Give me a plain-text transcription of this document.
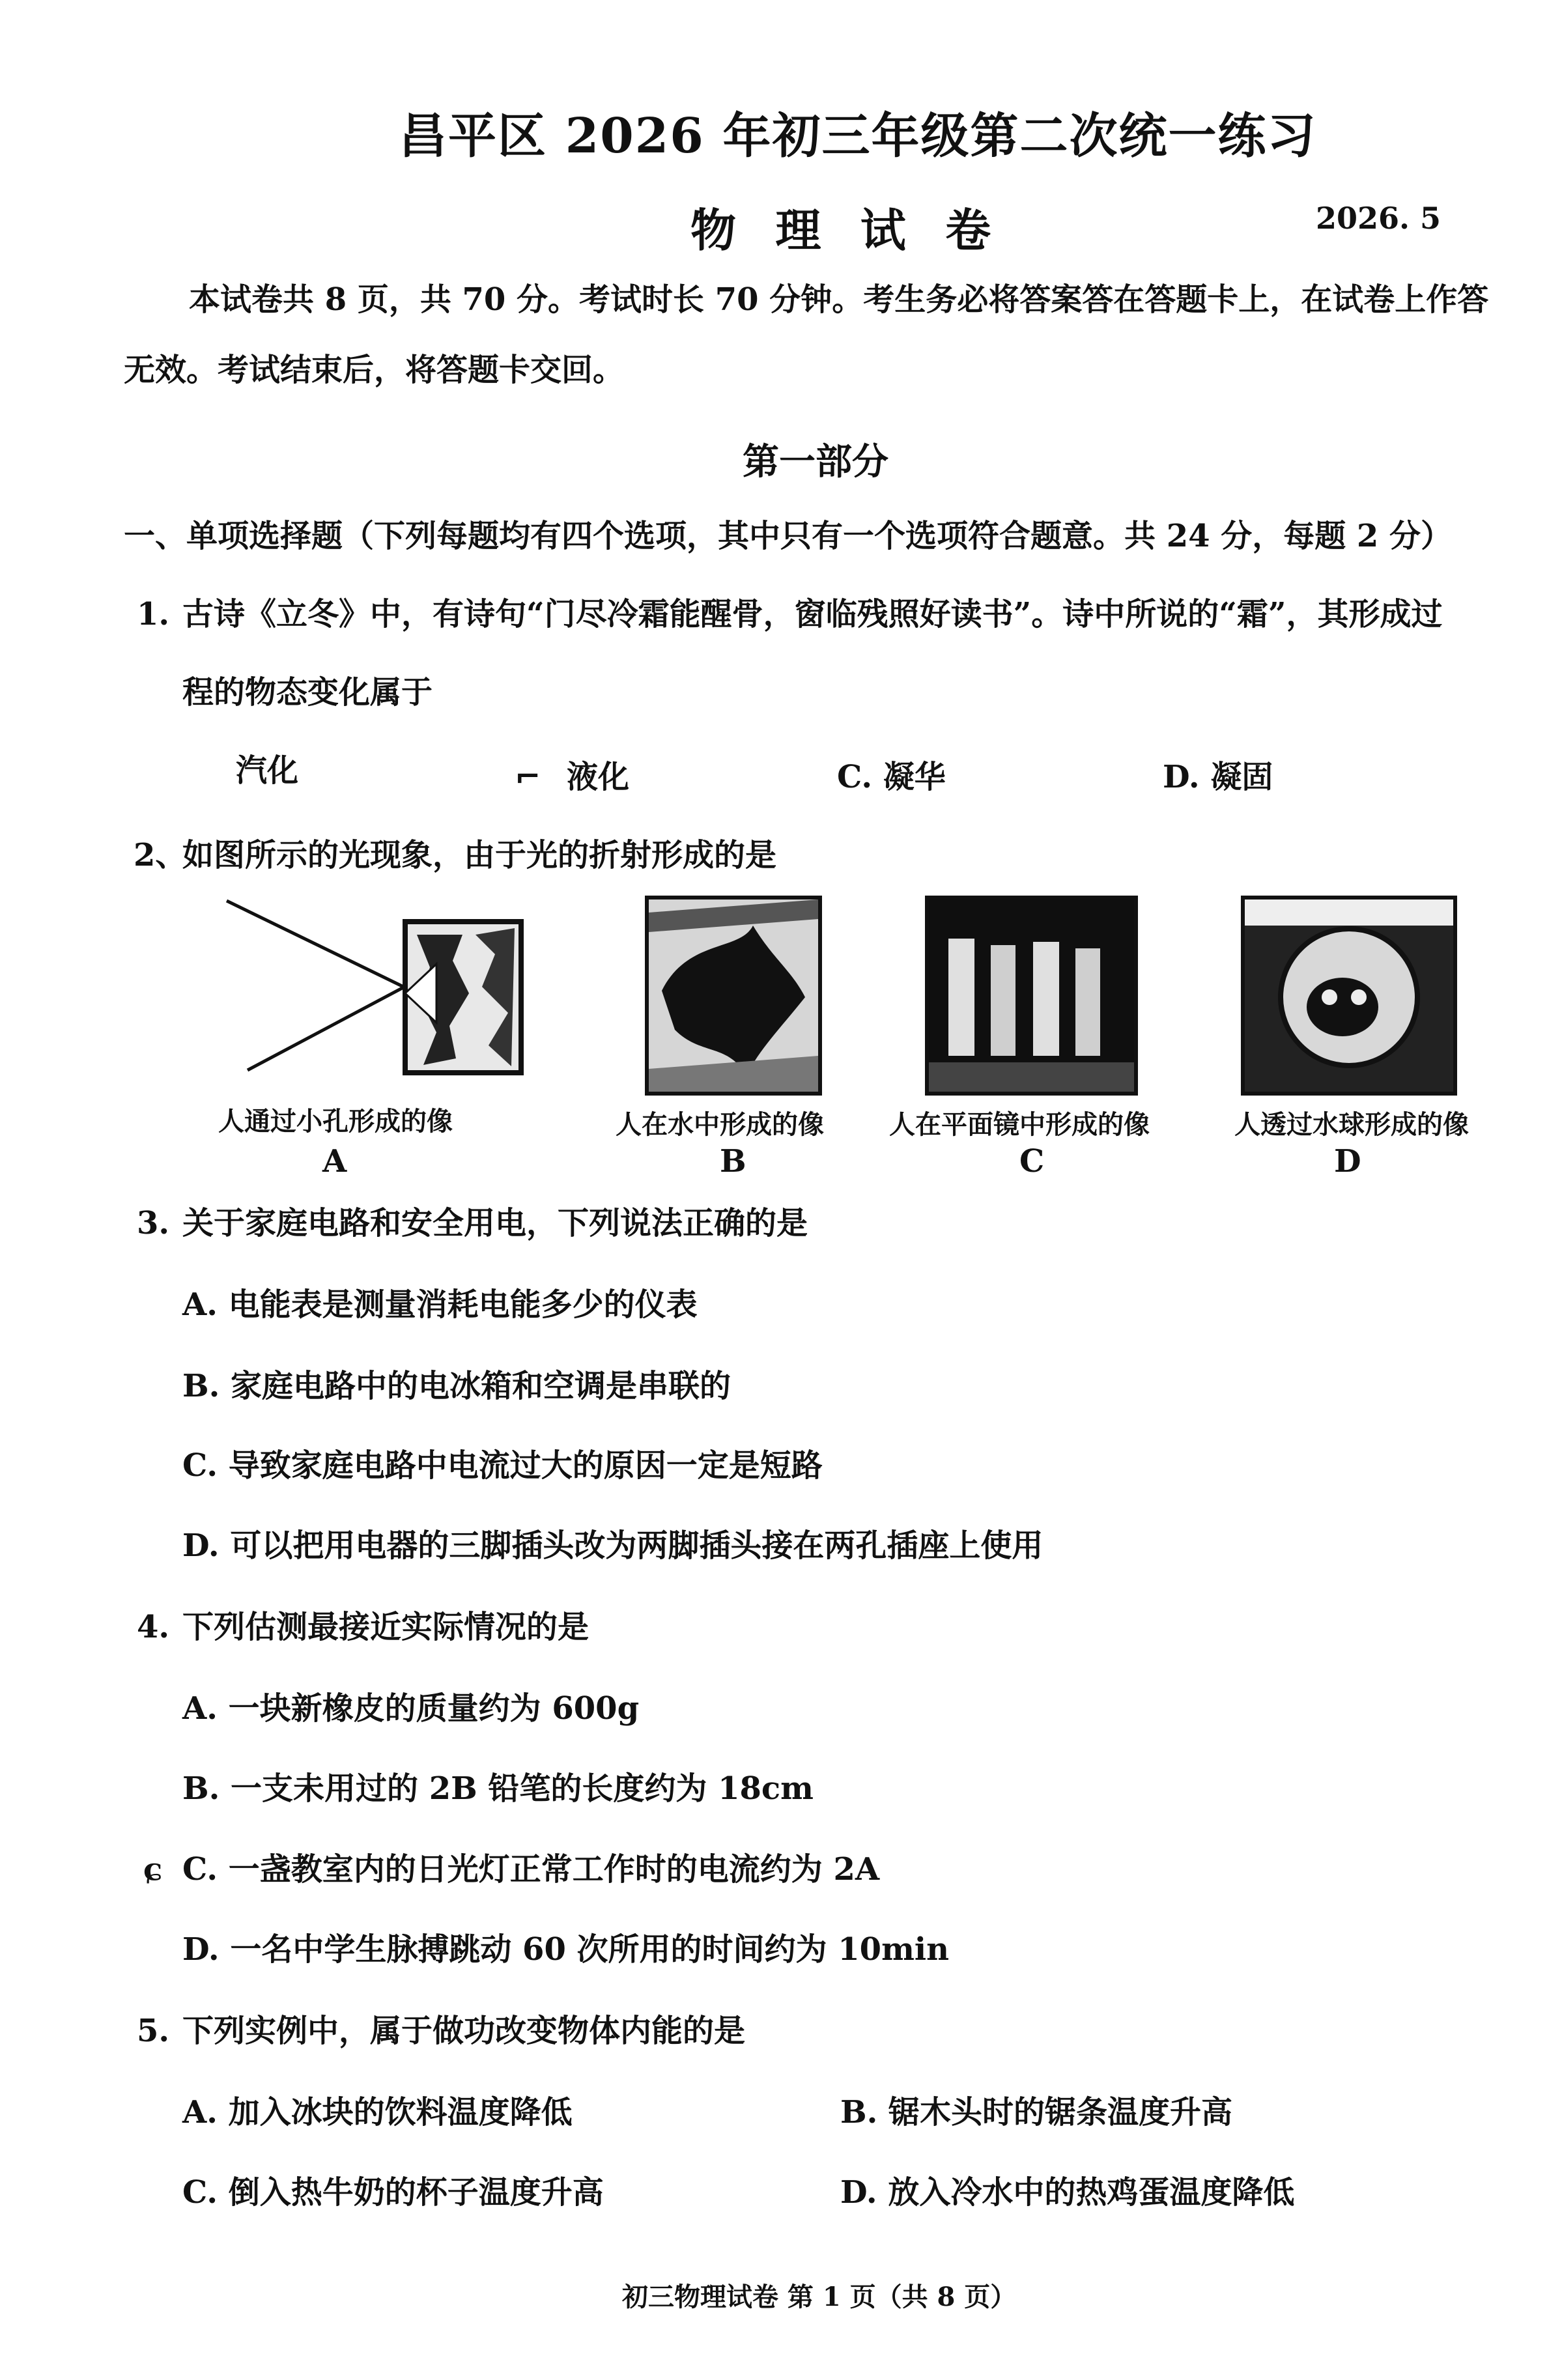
昌平区 2026 年初三年级第二次统一练习
物 理 试 卷	2026. 5
本试卷共 8 页，共 70 分。考试时长 70 分钟。考生务必将答案答在答题卡上，在试卷上作答
无效。考试结束后，将答题卡交回。
第一部分
一、单项选择题（下列每题均有四个选项，其中只有一个选项符合题意。共 24 分，每题 2 分）
1. 古诗《立冬》中，有诗句“门尽冷霜能醒骨，窗临残照好读书”。诗中所说的“霜”，其形成过
程的物态变化属于
汽化	⌐ 液化	C. 凝华	D. 凝固
2、
如图所示的光现象，由于光的折射形成的是
人通过小孔形成的像
A
人在水中形成的像
B
人在平面镜中形成的像
C
人透过水球形成的像
D
3. 关于家庭电路和安全用电，下列说法正确的是
A. 电能表是测量消耗电能多少的仪表
B. 家庭电路中的电冰箱和空调是串联的
C. 导致家庭电路中电流过大的原因一定是短路
D. 可以把用电器的三脚插头改为两脚插头接在两孔插座上使用
4. 下列估测最接近实际情况的是
A. 一块新橡皮的质量约为 600g
B. 一支未用过的 2B 铅笔的长度约为 18cm
ɕ C. 一盏教室内的日光灯正常工作时的电流约为 2A
D. 一名中学生脉搏跳动 60 次所用的时间约为 10min
5. 下列实例中，属于做功改变物体内能的是
A. 加入冰块的饮料温度降低	B. 锯木头时的锯条温度升高
C. 倒入热牛奶的杯子温度升高	D. 放入冷水中的热鸡蛋温度降低
初三物理试卷 第 1 页（共 8 页）
